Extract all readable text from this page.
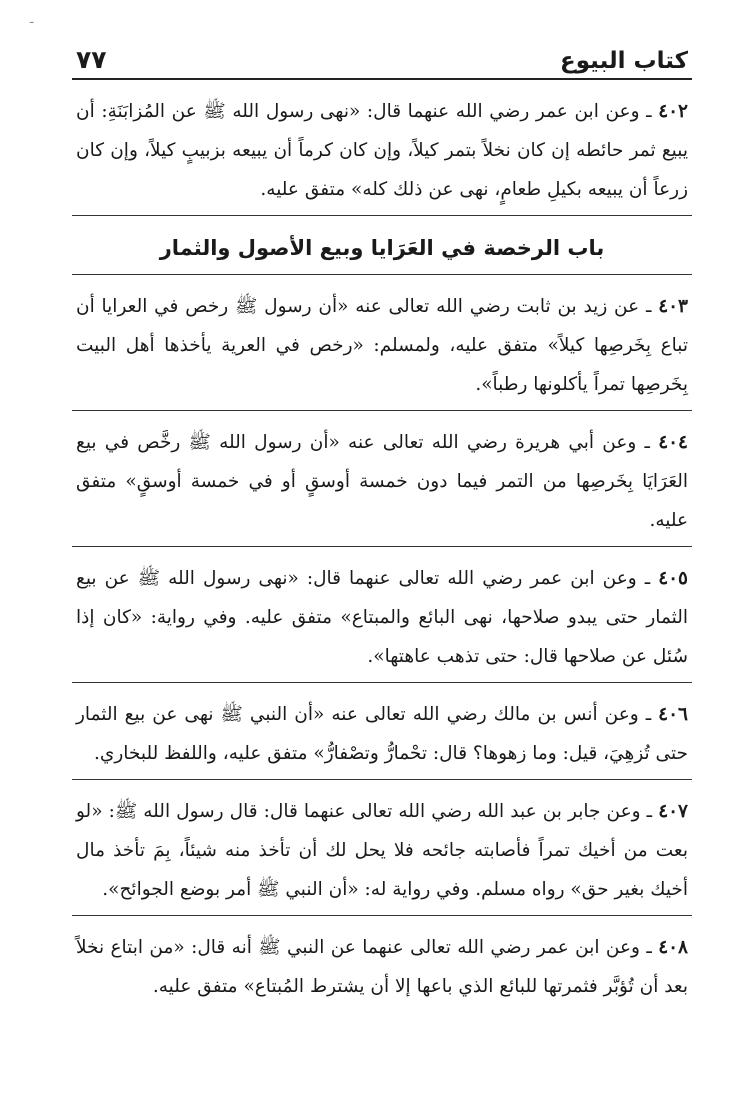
ـ
كتاب البيوع
٧٧

٤٠٢ ـ وعن ابن عمر رضي الله عنهما قال: «نهى رسول الله ﷺ عن المُزابَنَةِ: أن يبيع ثمر حائطه إن كان نخلاً بتمر كيلاً، وإن كان كرماً أن يبيعه بزبيبٍ كيلاً، وإن كان زرعاً أن يبيعه بكيلِ طعامٍ، نهى عن ذلك كله» متفق عليه.

باب الرخصة في العَرَايا وبيع الأصول والثمار

٤٠٣ ـ عن زيد بن ثابت رضي الله تعالى عنه «أن رسول ﷺ رخص في العرايا أن تباع بِخَرصِها كيلاً» متفق عليه، ولمسلم: «رخص في العرية يأخذها أهل البيت بِخَرصِها تمراً يأكلونها رطباً».

٤٠٤ ـ وعن أبي هريرة رضي الله تعالى عنه «أن رسول الله ﷺ رخَّص في بيع العَرَايَا بِخَرصِها من التمر فيما دون خمسة أوسقٍ أو في خمسة أوسقٍ» متفق عليه.

٤٠٥ ـ وعن ابن عمر رضي الله تعالى عنهما قال: «نهى رسول الله ﷺ عن بيع الثمار حتى يبدو صلاحها، نهى البائع والمبتاع» متفق عليه. وفي رواية: «كان إذا سُئل عن صلاحها قال: حتى تذهب عاهتها».

٤٠٦ ـ وعن أنس بن مالك رضي الله تعالى عنه «أن النبي ﷺ نهى عن بيع الثمار حتى تُزهِيَ، قيل: وما زهوها؟ قال: تحْمارُّ وتصْفارُّ» متفق عليه، واللفظ للبخاري.

٤٠٧ ـ وعن جابر بن عبد الله رضي الله تعالى عنهما قال: قال رسول الله ﷺ: «لو بعت من أخيك تمراً فأصابته جائحه فلا يحل لك أن تأخذ منه شيئاً، بِمَ تأخذ مال أخيك بغير حق» رواه مسلم. وفي رواية له: «أن النبي ﷺ أمر بوضع الجوائح».

٤٠٨ ـ وعن ابن عمر رضي الله تعالى عنهما عن النبي ﷺ أنه قال: «من ابتاع نخلاً بعد أن تُؤبَّر فثمرتها للبائع الذي باعها إلا أن يشترط المُبتاع» متفق عليه.
